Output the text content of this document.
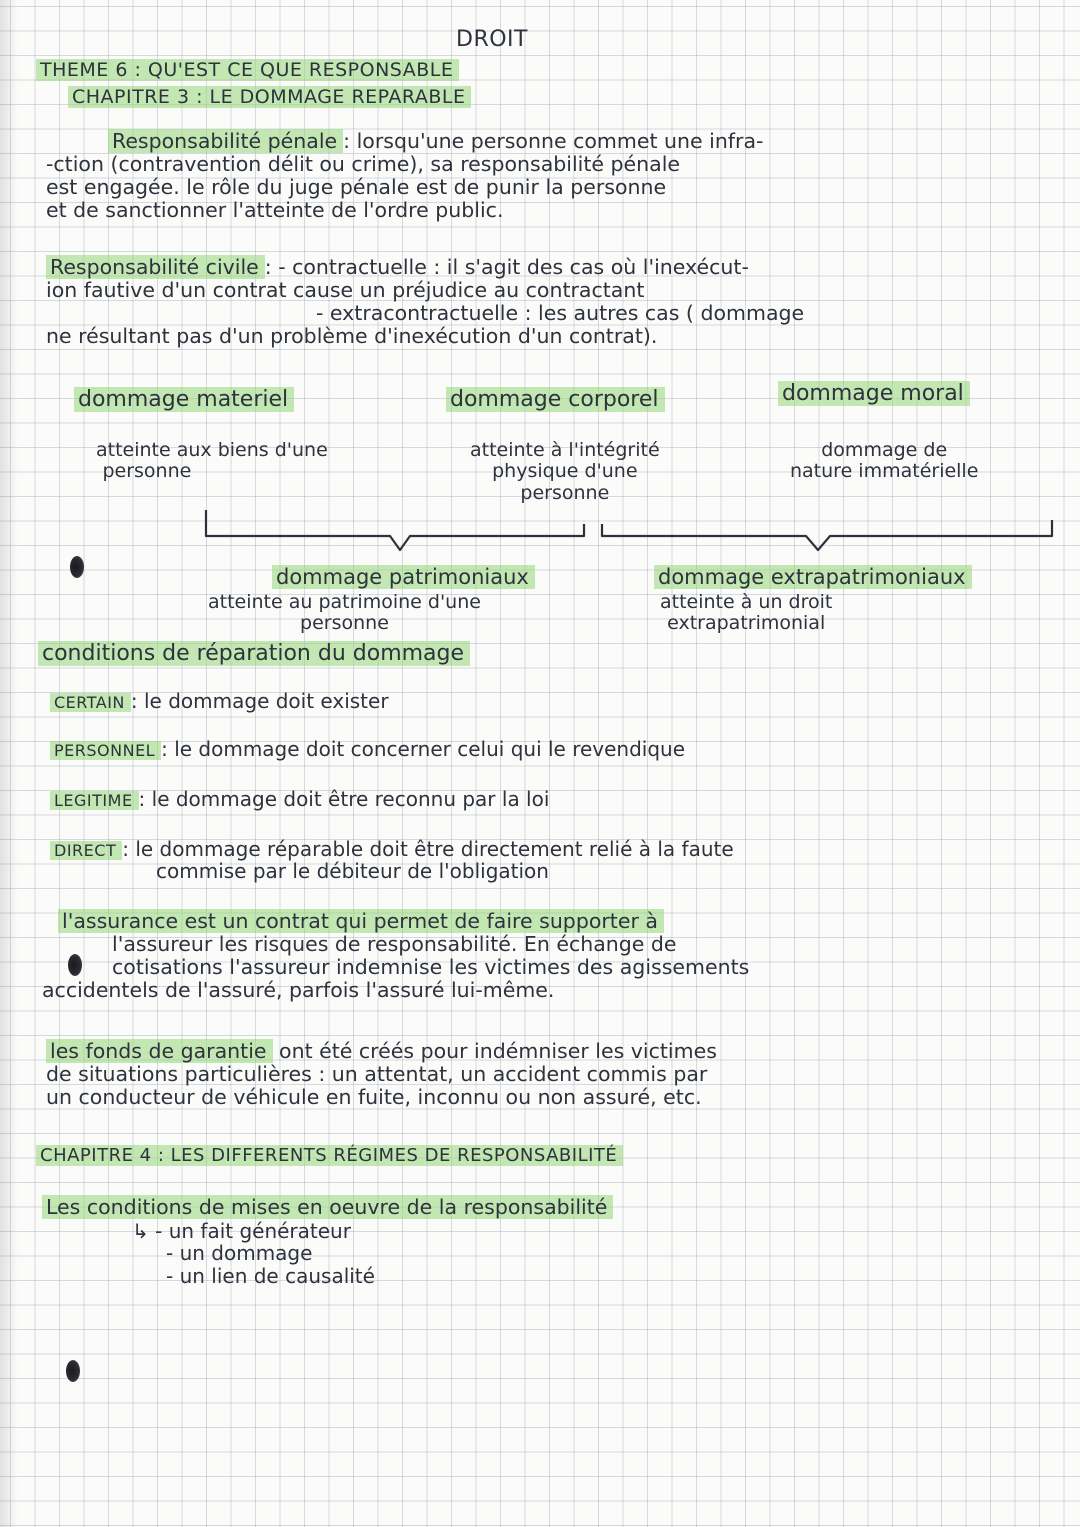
DROIT
THEME 6 : QU'EST CE QUE RESPONSABLE
CHAPITRE 3 : LE DOMMAGE REPARABLE
Responsabilité pénale : lorsqu'une personne commet une infra-
-ction (contravention délit ou crime), sa responsabilité pénale
est engagée. le rôle du juge pénale est de punir la personne
et de sanctionner l'atteinte de l'ordre public.
Responsabilité civile : - contractuelle : il s'agit des cas où l'inexécut-
ion fautive d'un contrat cause un préjudice au contractant
- extracontractuelle : les autres cas ( dommage
ne résultant pas d'un problème d'inexécution d'un contrat).
dommage materiel	dommage corporel	dommage moral
atteinte aux biens d'une
personne
atteinte à l'intégrité
physique d'une
personne
dommage de
nature immatérielle
dommage patrimoniaux
atteinte au patrimoine d'une
personne
dommage extrapatrimoniaux
atteinte à un droit
extrapatrimonial
conditions de réparation du dommage
CERTAIN : le dommage doit exister
PERSONNEL : le dommage doit concerner celui qui le revendique
LEGITIME : le dommage doit être reconnu par la loi
DIRECT : le dommage réparable doit être directement relié à la faute
commise par le débiteur de l'obligation
l'assurance est un contrat qui permet de faire supporter à
l'assureur les risques de responsabilité. En échange de
cotisations l'assureur indemnise les victimes des agissements
accidentels de l'assuré, parfois l'assuré lui-même.
les fonds de garantie ont été créés pour indémniser les victimes
de situations particulières : un attentat, un accident commis par
un conducteur de véhicule en fuite, inconnu ou non assuré, etc.
CHAPITRE 4 : LES DIFFERENTS RÉGIMES DE RESPONSABILITÉ
Les conditions de mises en oeuvre de la responsabilité
↳ - un fait générateur
- un dommage
- un lien de causalité
